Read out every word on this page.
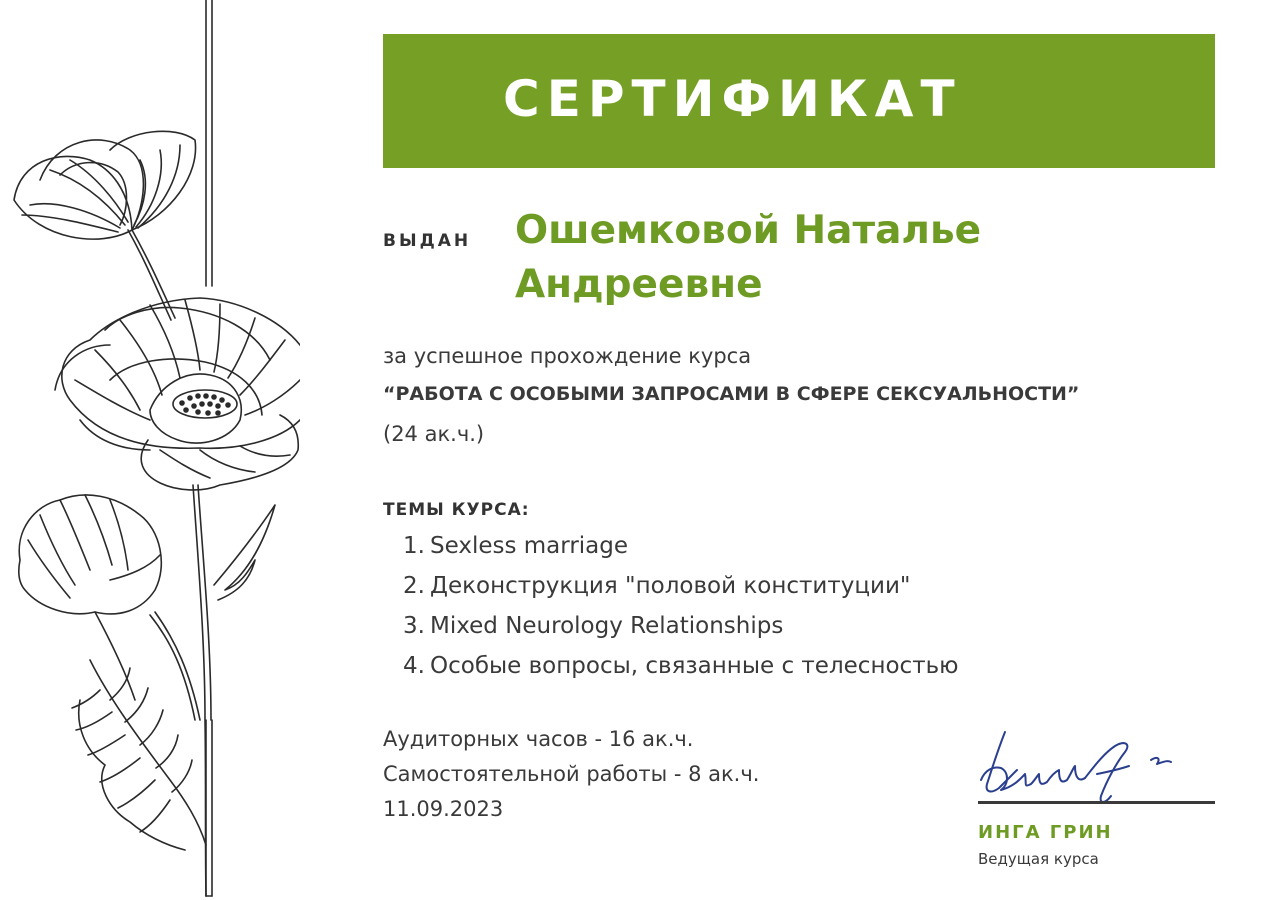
СЕРТИФИКАТ
ВЫДАН Ошемковой Наталье
Андреевне
за успешное прохождение курса
“РАБОТА С ОСОБЫМИ ЗАПРОСАМИ В СФЕРЕ СЕКСУАЛЬНОСТИ”
(24 ак.ч.)
ТЕМЫ КУРСА:
1. Sexless marriage
2. Деконструкция "половой конституции"
3. Mixed Neurology Relationships
4. Особые вопросы, связанные с телесностью
Аудиторных часов - 16 ак.ч.
Самостоятельной работы - 8 ак.ч.
11.09.2023
ИНГА ГРИН
Ведущая курса
